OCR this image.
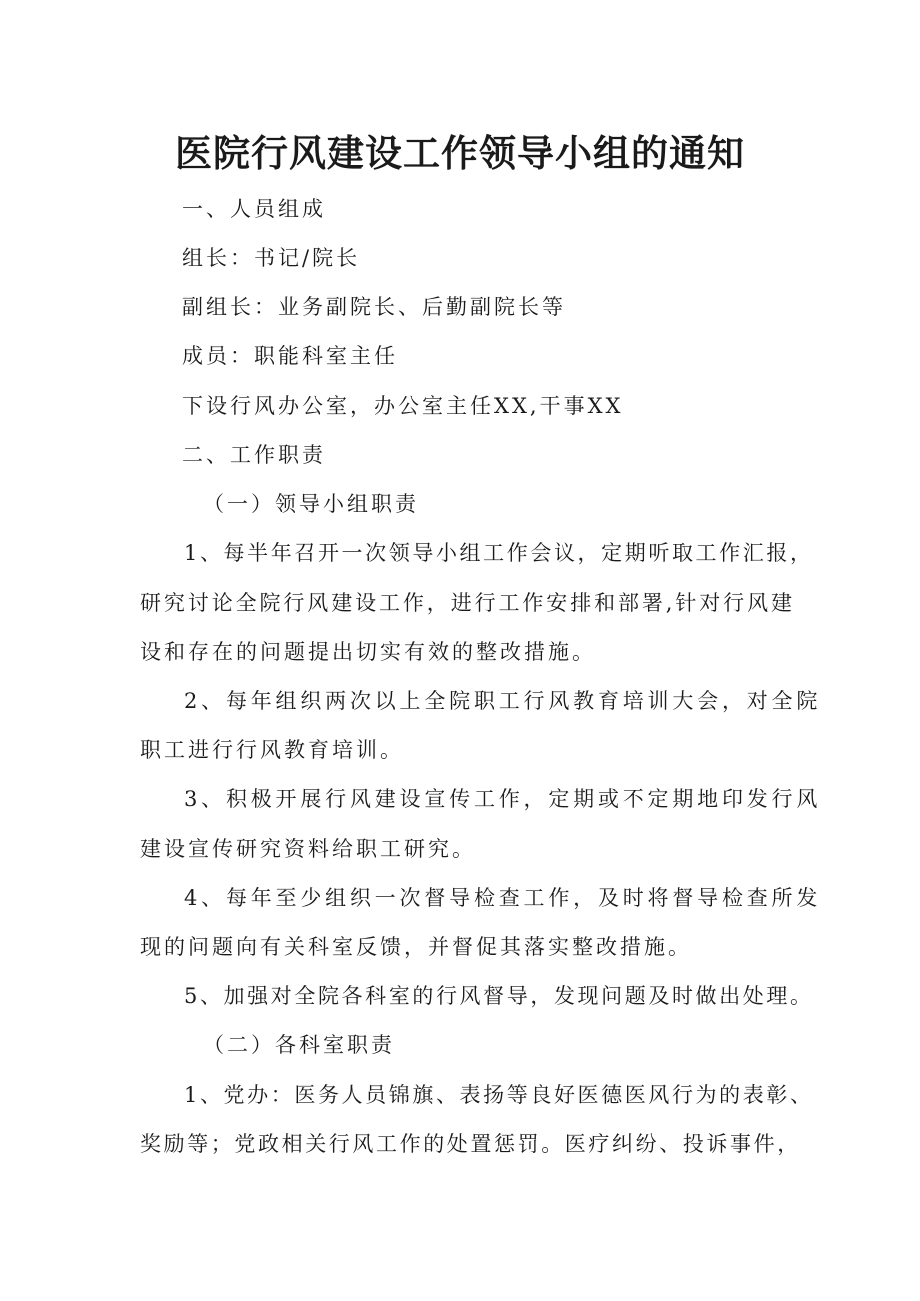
医院行风建设工作领导小组的通知

一、人员组成

组长：书记/院长

副组长：业务副院长、后勤副院长等

成员：职能科室主任

下设行风办公室，办公室主任XX,干事XX

二、工作职责

（一）领导小组职责

1、每半年召开一次领导小组工作会议，定期听取工作汇报，

研究讨论全院行风建设工作，进行工作安排和部署,针对行风建

设和存在的问题提出切实有效的整改措施。

2、每年组织两次以上全院职工行风教育培训大会，对全院

职工进行行风教育培训。

3、积极开展行风建设宣传工作，定期或不定期地印发行风

建设宣传研究资料给职工研究。

4、每年至少组织一次督导检查工作，及时将督导检查所发

现的问题向有关科室反馈，并督促其落实整改措施。

5、加强对全院各科室的行风督导，发现问题及时做出处理。

（二）各科室职责

1、党办：医务人员锦旗、表扬等良好医德医风行为的表彰、

奖励等；党政相关行风工作的处置惩罚。医疗纠纷、投诉事件，
